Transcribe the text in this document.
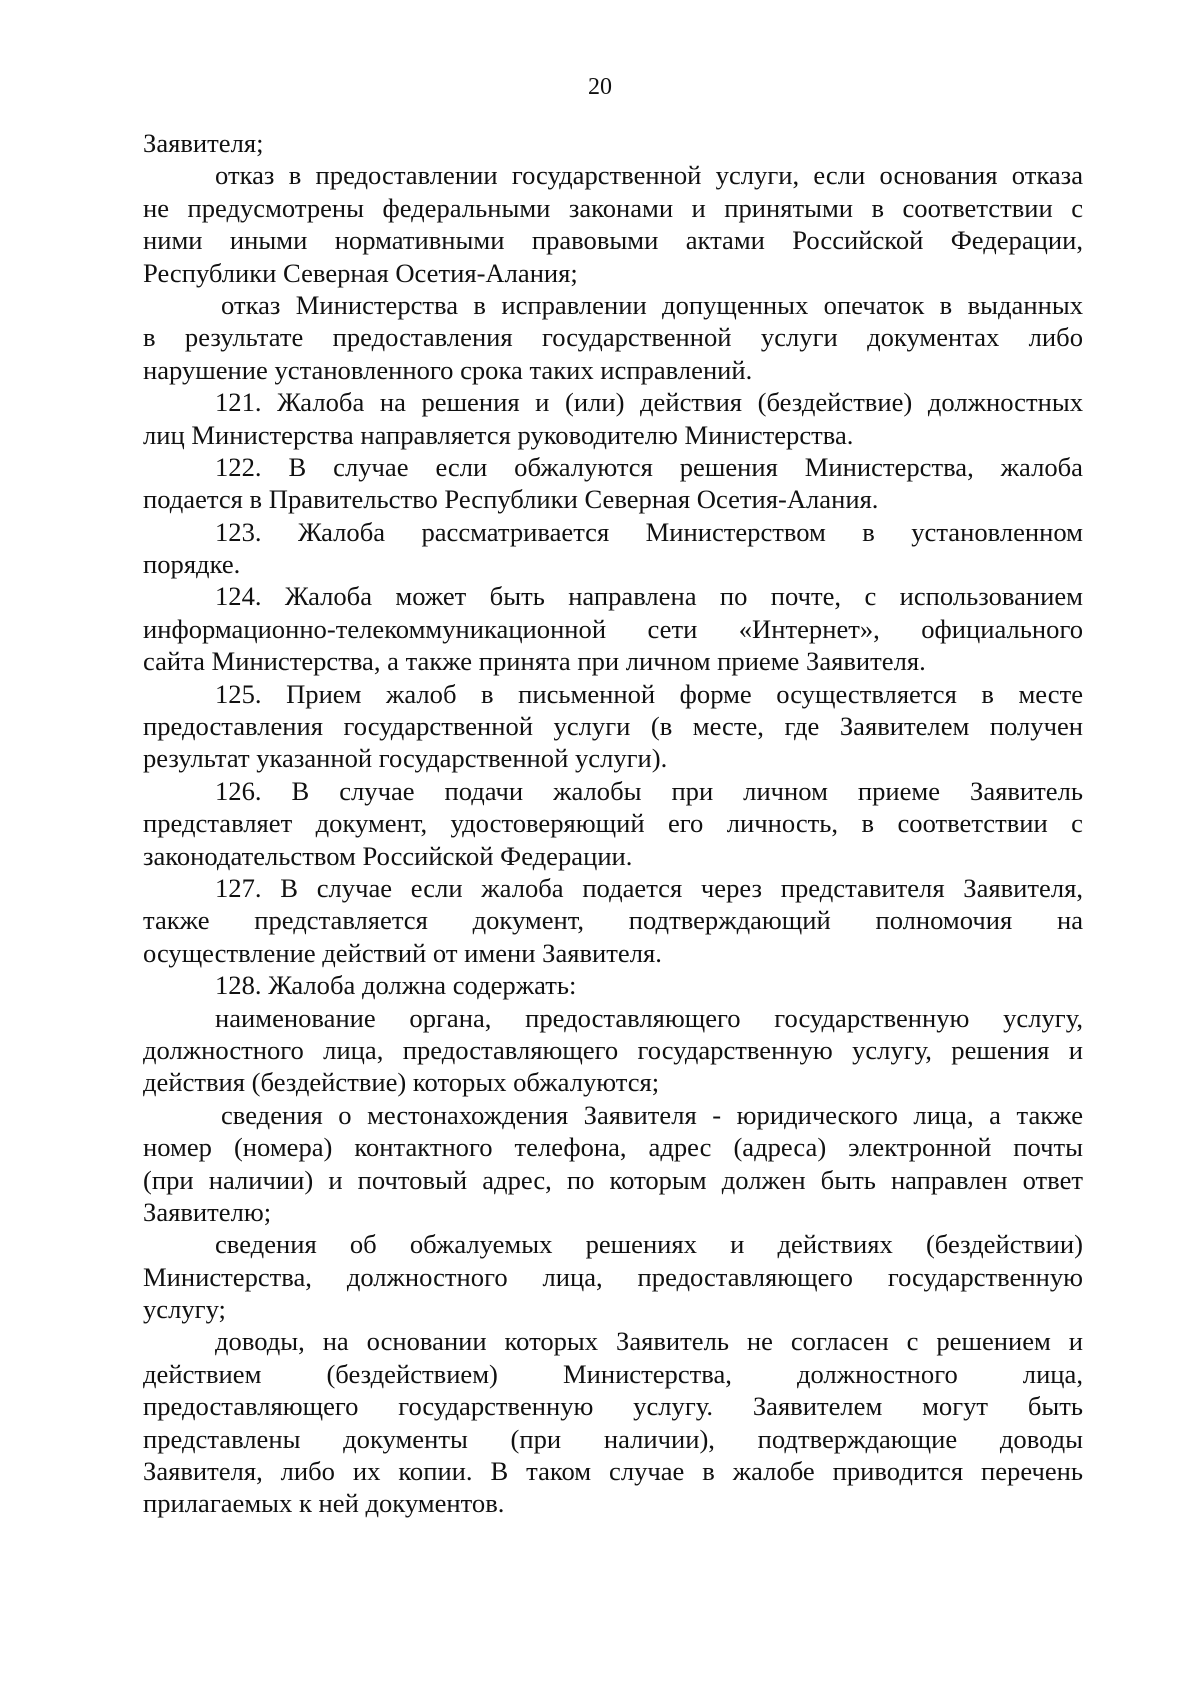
20
Заявителя;
отказ в предоставлении государственной услуги, если основания отказа
не предусмотрены федеральными законами и принятыми в соответствии с
ними иными нормативными правовыми актами Российской Федерации,
Республики Северная Осетия-Алания;
отказ Министерства в исправлении допущенных опечаток в выданных
в результате предоставления государственной услуги документах либо
нарушение установленного срока таких исправлений.
121. Жалоба на решения и (или) действия (бездействие) должностных
лиц Министерства направляется руководителю Министерства.
122. В случае если обжалуются решения Министерства, жалоба
подается в Правительство Республики Северная Осетия-Алания.
123. Жалоба рассматривается Министерством в установленном
порядке.
124. Жалоба может быть направлена по почте, с использованием
информационно-телекоммуникационной сети «Интернет», официального
сайта Министерства, а также принята при личном приеме Заявителя.
125. Прием жалоб в письменной форме осуществляется в месте
предоставления государственной услуги (в месте, где Заявителем получен
результат указанной государственной услуги).
126. В случае подачи жалобы при личном приеме Заявитель
представляет документ, удостоверяющий его личность, в соответствии с
законодательством Российской Федерации.
127. В случае если жалоба подается через представителя Заявителя,
также представляется документ, подтверждающий полномочия на
осуществление действий от имени Заявителя.
128. Жалоба должна содержать:
наименование органа, предоставляющего государственную услугу,
должностного лица, предоставляющего государственную услугу, решения и
действия (бездействие) которых обжалуются;
сведения о местонахождения Заявителя - юридического лица, а также
номер (номера) контактного телефона, адрес (адреса) электронной почты
(при наличии) и почтовый адрес, по которым должен быть направлен ответ
Заявителю;
сведения об обжалуемых решениях и действиях (бездействии)
Министерства, должностного лица, предоставляющего государственную
услугу;
доводы, на основании которых Заявитель не согласен с решением и
действием (бездействием) Министерства, должностного лица,
предоставляющего государственную услугу. Заявителем могут быть
представлены документы (при наличии), подтверждающие доводы
Заявителя, либо их копии. В таком случае в жалобе приводится перечень
прилагаемых к ней документов.
